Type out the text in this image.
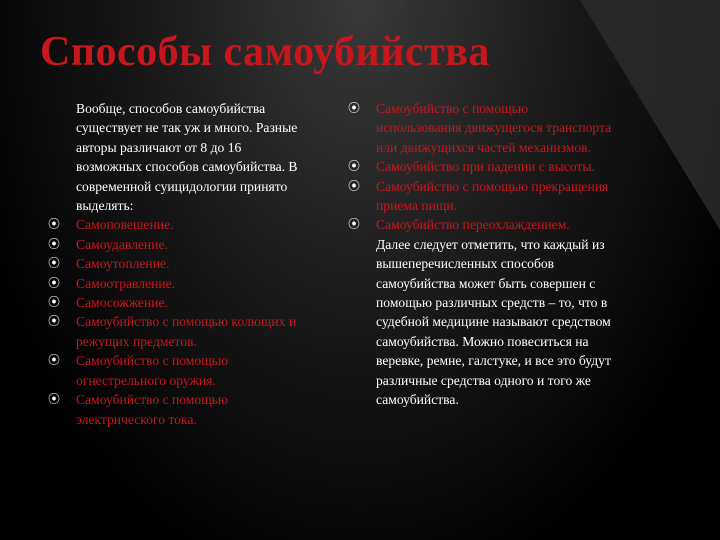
Способы самоубийства
Вообще, способов самоубийства существует не так уж и много. Разные авторы различают от 8 до 16 возможных способов самоубийства. В современной суицидологии принято выделять:
⦿	Самоповешение.
⦿	Самоудавление.
⦿	Самоутопление.
⦿	Самоотравление.
⦿	Самосожжение.
⦿	Самоубийство с помощью колющих и режущих предметов.
⦿	Самоубийство с помощью огнестрельного оружия.
⦿	Самоубийство с помощью электрического тока.
⦿	Самоубийство с помощью использования движущегося транспорта или движущихся частей механизмов.
⦿	Самоубийство при падении с высоты.
⦿	Самоубийство с помощью прекращения приема пищи.
⦿	Самоубийство переохлаждением.
Далее следует отметить, что каждый из вышеперечисленных способов самоубийства может быть совершен с помощью различных средств – то, что в судебной медицине называют средством самоубийства. Можно повеситься на веревке, ремне, галстуке, и все это будут различные средства одного и того же самоубийства.
